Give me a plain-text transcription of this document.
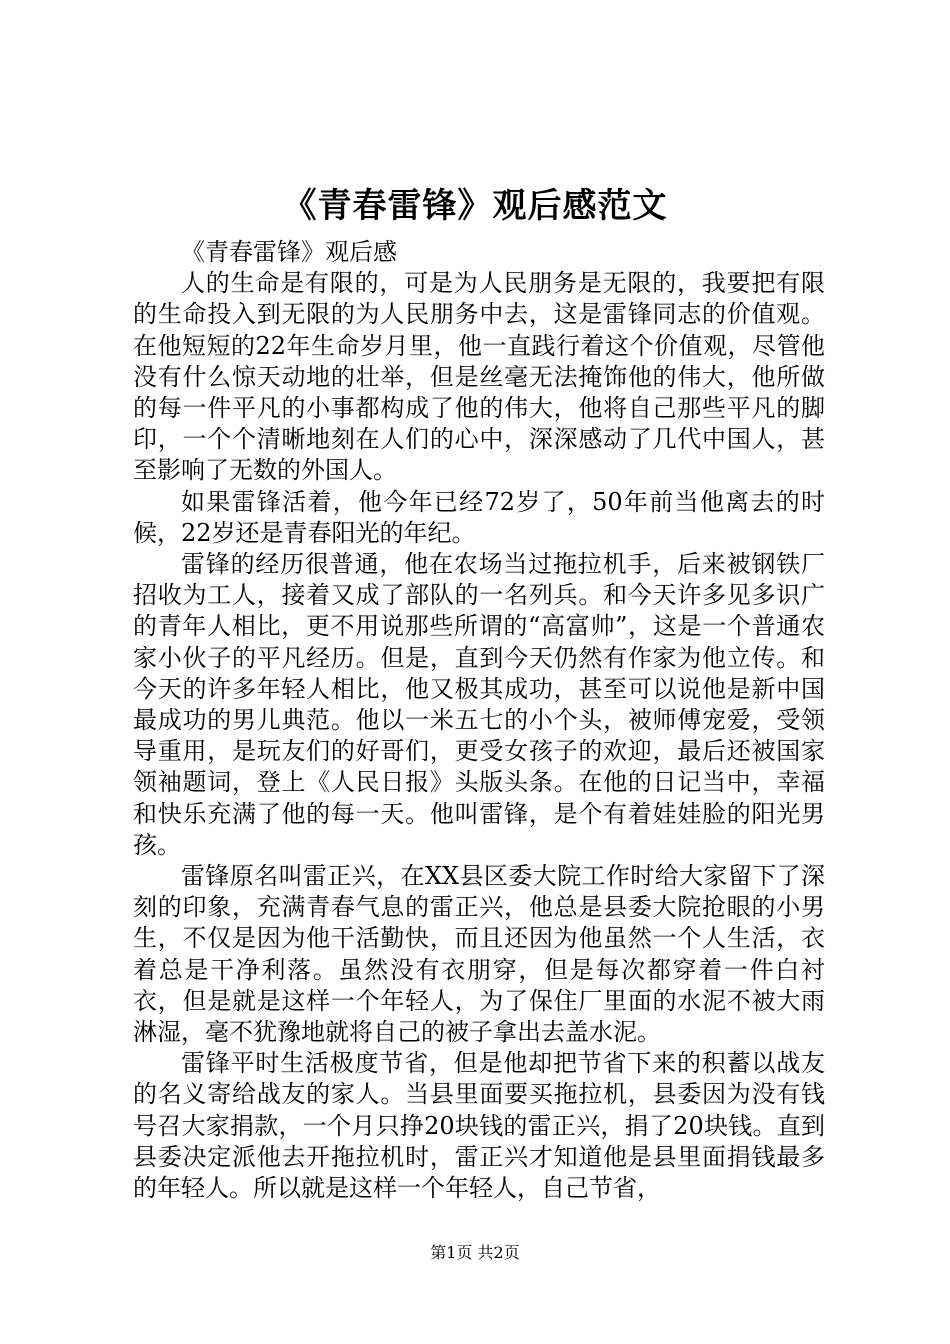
《青春雷锋》观后感范文

《青春雷锋》观后感

人的生命是有限的，可是为人民朋务是无限的，我要把有限的生命投入到无限的为人民朋务中去，这是雷锋同志的价值观。在他短短的22年生命岁月里，他一直践行着这个价值观，尽管他没有什么惊天动地的壮举，但是丝毫无法掩饰他的伟大，他所做的每一件平凡的小事都构成了他的伟大，他将自己那些平凡的脚印，一个个清晰地刻在人们的心中，深深感动了几代中国人，甚至影响了无数的外国人。

如果雷锋活着，他今年已经72岁了，50年前当他离去的时候，22岁还是青春阳光的年纪。

雷锋的经历很普通，他在农场当过拖拉机手，后来被钢铁厂招收为工人，接着又成了部队的一名列兵。和今天许多见多识广的青年人相比，更不用说那些所谓的“高富帅”，这是一个普通农家小伙子的平凡经历。但是，直到今天仍然有作家为他立传。和今天的许多年轻人相比，他又极其成功，甚至可以说他是新中国最成功的男儿典范。他以一米五七的小个头，被师傅宠爱，受领导重用，是玩友们的好哥们，更受女孩子的欢迎，最后还被国家领袖题词，登上《人民日报》头版头条。在他的日记当中，幸福和快乐充满了他的每一天。他叫雷锋，是个有着娃娃脸的阳光男孩。

雷锋原名叫雷正兴，在XX县区委大院工作时给大家留下了深刻的印象，充满青春气息的雷正兴，他总是县委大院抢眼的小男生，不仅是因为他干活勤快，而且还因为他虽然一个人生活，衣着总是干净利落。虽然没有衣朋穿，但是每次都穿着一件白衬衣，但是就是这样一个年轻人，为了保住厂里面的水泥不被大雨淋湿，毫不犹豫地就将自己的被子拿出去盖水泥。

雷锋平时生活极度节省，但是他却把节省下来的积蓄以战友的名义寄给战友的家人。当县里面要买拖拉机，县委因为没有钱号召大家捐款，一个月只挣20块钱的雷正兴，捐了20块钱。直到县委决定派他去开拖拉机时，雷正兴才知道他是县里面捐钱最多的年轻人。所以就是这样一个年轻人，自己节省，

第1页 共2页
